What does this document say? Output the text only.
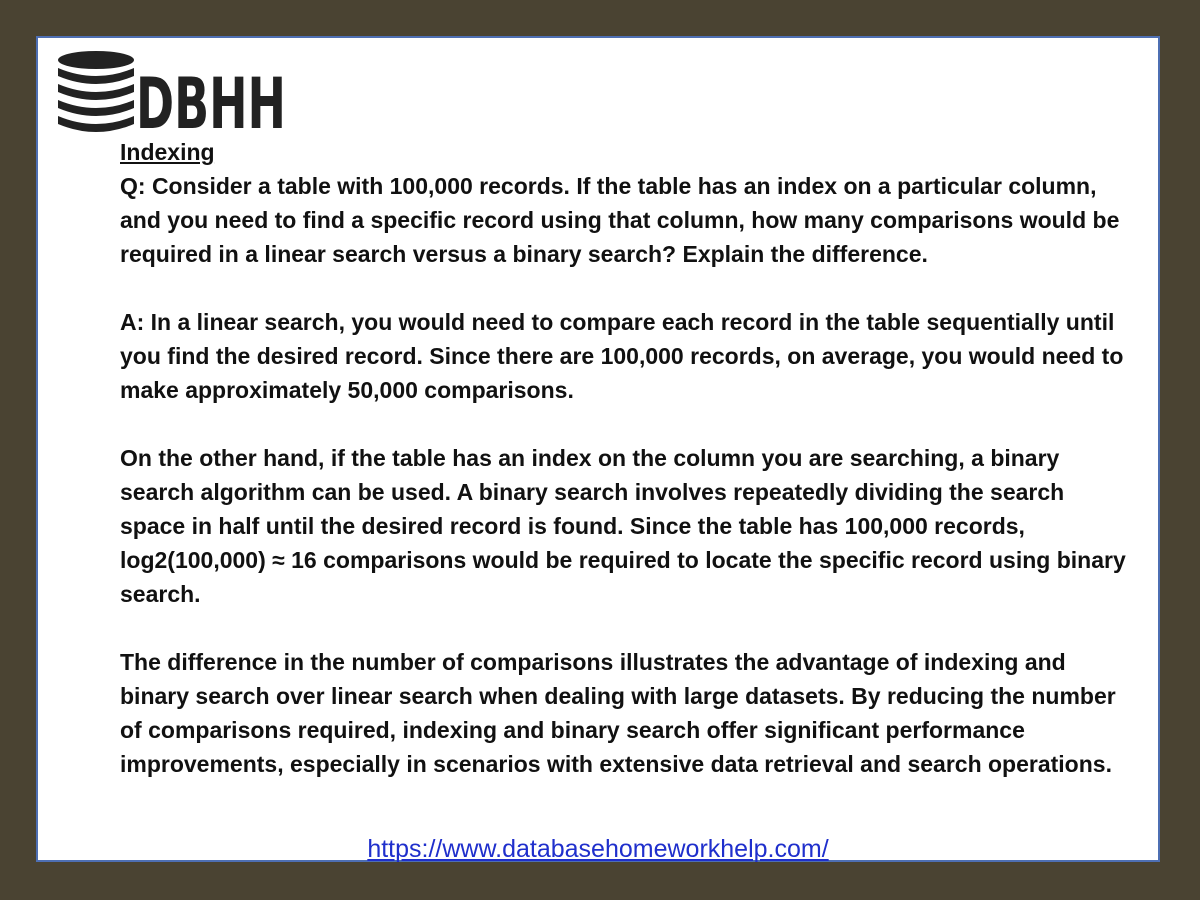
DBHH
Indexing
Q: Consider a table with 100,000 records. If the table has an index on a particular column, and you need to find a specific record using that column, how many comparisons would be required in a linear search versus a binary search? Explain the difference.
A: In a linear search, you would need to compare each record in the table sequentially until you find the desired record. Since there are 100,000 records, on average, you would need to make approximately 50,000 comparisons.
On the other hand, if the table has an index on the column you are searching, a binary search algorithm can be used. A binary search involves repeatedly dividing the search space in half until the desired record is found. Since the table has 100,000 records, log2(100,000) ≈ 16 comparisons would be required to locate the specific record using binary search.
The difference in the number of comparisons illustrates the advantage of indexing and binary search over linear search when dealing with large datasets. By reducing the number of comparisons required, indexing and binary search offer significant performance improvements, especially in scenarios with extensive data retrieval and search operations.
https://www.databasehomeworkhelp.com/
